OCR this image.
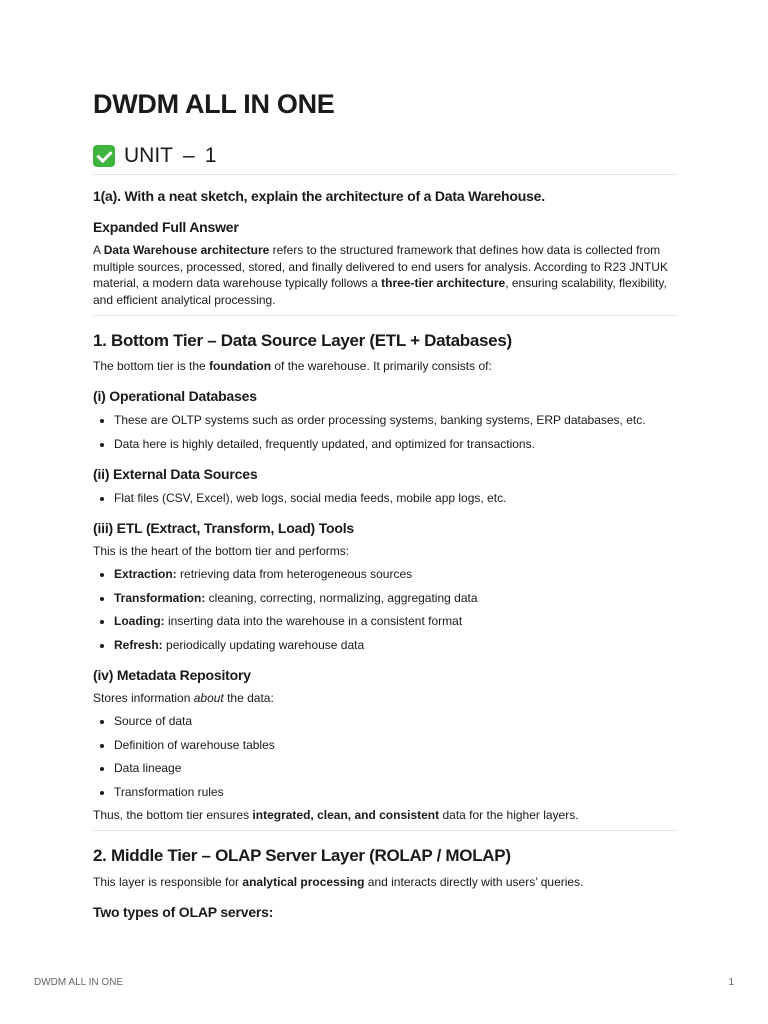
DWDM ALL IN ONE
UNIT – 1
1(a). With a neat sketch, explain the architecture of a Data Warehouse.
Expanded Full Answer

A Data Warehouse architecture refers to the structured framework that defines how data is collected from multiple sources, processed, stored, and finally delivered to end users for analysis. According to R23 JNTUK material, a modern data warehouse typically follows a three-tier architecture, ensuring scalability, flexibility, and efficient analytical processing.

1. Bottom Tier – Data Source Layer (ETL + Databases)

The bottom tier is the foundation of the warehouse. It primarily consists of:

(i) Operational Databases
• These are OLTP systems such as order processing systems, banking systems, ERP databases, etc.
• Data here is highly detailed, frequently updated, and optimized for transactions.
(ii) External Data Sources
• Flat files (CSV, Excel), web logs, social media feeds, mobile app logs, etc.
(iii) ETL (Extract, Transform, Load) Tools

This is the heart of the bottom tier and performs:

• Extraction: retrieving data from heterogeneous sources
• Transformation: cleaning, correcting, normalizing, aggregating data
• Loading: inserting data into the warehouse in a consistent format
• Refresh: periodically updating warehouse data
(iv) Metadata Repository

Stores information about the data:

• Source of data
• Definition of warehouse tables
• Data lineage
• Transformation rules

Thus, the bottom tier ensures integrated, clean, and consistent data for the higher layers.

2. Middle Tier – OLAP Server Layer (ROLAP / MOLAP)

This layer is responsible for analytical processing and interacts directly with users’ queries.

Two types of OLAP servers:
DWDM ALL IN ONE	1
